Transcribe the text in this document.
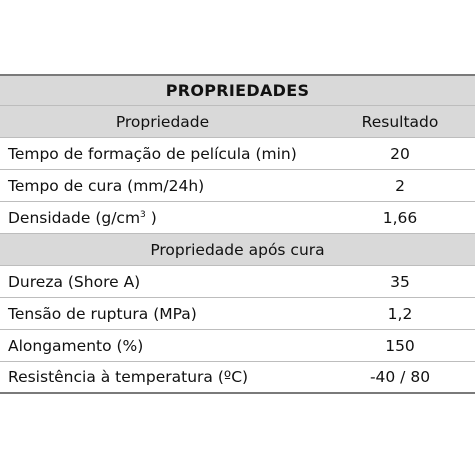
PROPRIEDADES
Propriedade	Resultado
Tempo de formação de película (min)	20
Tempo de cura (mm/24h)	2
Densidade ($g/cm^3$ )	1,66
Propriedade após cura
Dureza (Shore A)	35
Tensão de ruptura (MPa)	1,2
Alongamento (%)	150
Resistência à temperatura (ºC)	-40 / 80
